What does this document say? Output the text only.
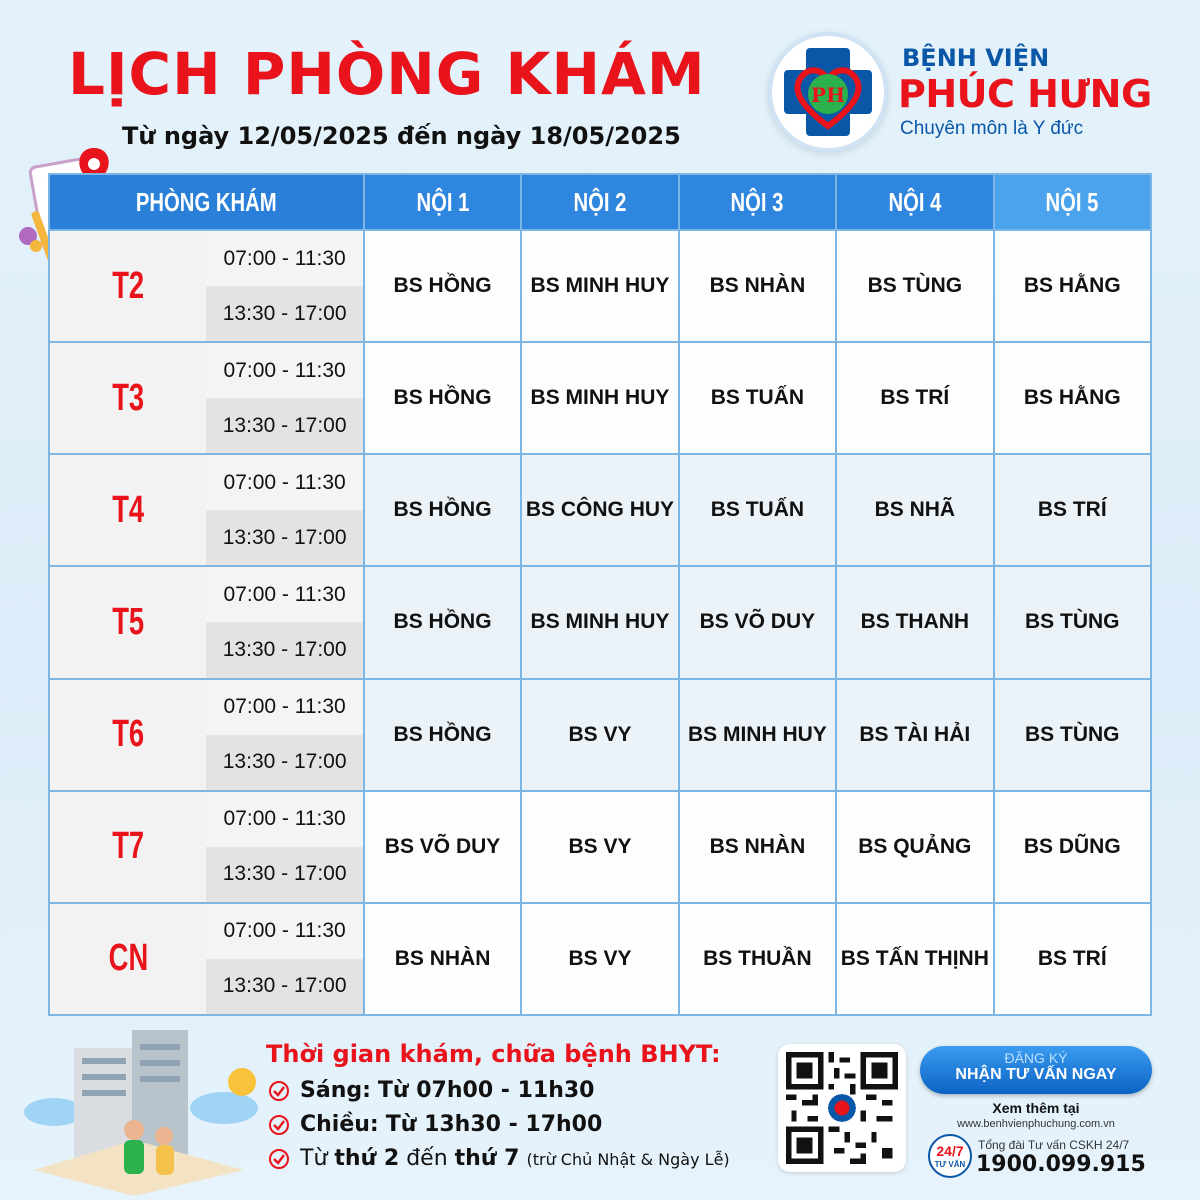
LỊCH PHÒNG KHÁM
Từ ngày 12/05/2025 đến ngày 18/05/2025
PH
BỆNH VIỆN
PHÚC HƯNG
Chuyên môn là Y đức
PHÒNG KHÁM		NỘI 1	NỘI 2	NỘI 3	NỘI 4	NỘI 5
T2	07:00 - 11:30
13:30 - 17:00	BS HỒNG	BS MINH HUY	BS NHÀN	BS TÙNG	BS HẰNG
T3	07:00 - 11:30
13:30 - 17:00	BS HỒNG	BS MINH HUY	BS TUẤN	BS TRÍ	BS HẰNG
T4	07:00 - 11:30
13:30 - 17:00	BS HỒNG	BS CÔNG HUY	BS TUẤN	BS NHÃ	BS TRÍ
T5	07:00 - 11:30
13:30 - 17:00	BS HỒNG	BS MINH HUY	BS VÕ DUY	BS THANH	BS TÙNG
T6	07:00 - 11:30
13:30 - 17:00	BS HỒNG	BS VY	BS MINH HUY	BS TÀI HẢI	BS TÙNG
T7	07:00 - 11:30
13:30 - 17:00	BS VÕ DUY	BS VY	BS NHÀN	BS QUẢNG	BS DŨNG
CN	07:00 - 11:30
13:30 - 17:00	BS NHÀN	BS VY	BS THUẦN	BS TẤN THỊNH	BS TRÍ
Thời gian khám, chữa bệnh BHYT:
Sáng: Từ 07h00 - 11h30
Chiều: Từ 13h30 - 17h00
Từ thứ 2 đến thứ 7 (trừ Chủ Nhật & Ngày Lễ)
ĐĂNG KÝ
NHẬN TƯ VẤN NGAY
Xem thêm tại
www.benhvienphuchung.com.vn
24/7
TƯ VẤN
Tổng đài Tư vấn CSKH 24/7
1900.099.915
